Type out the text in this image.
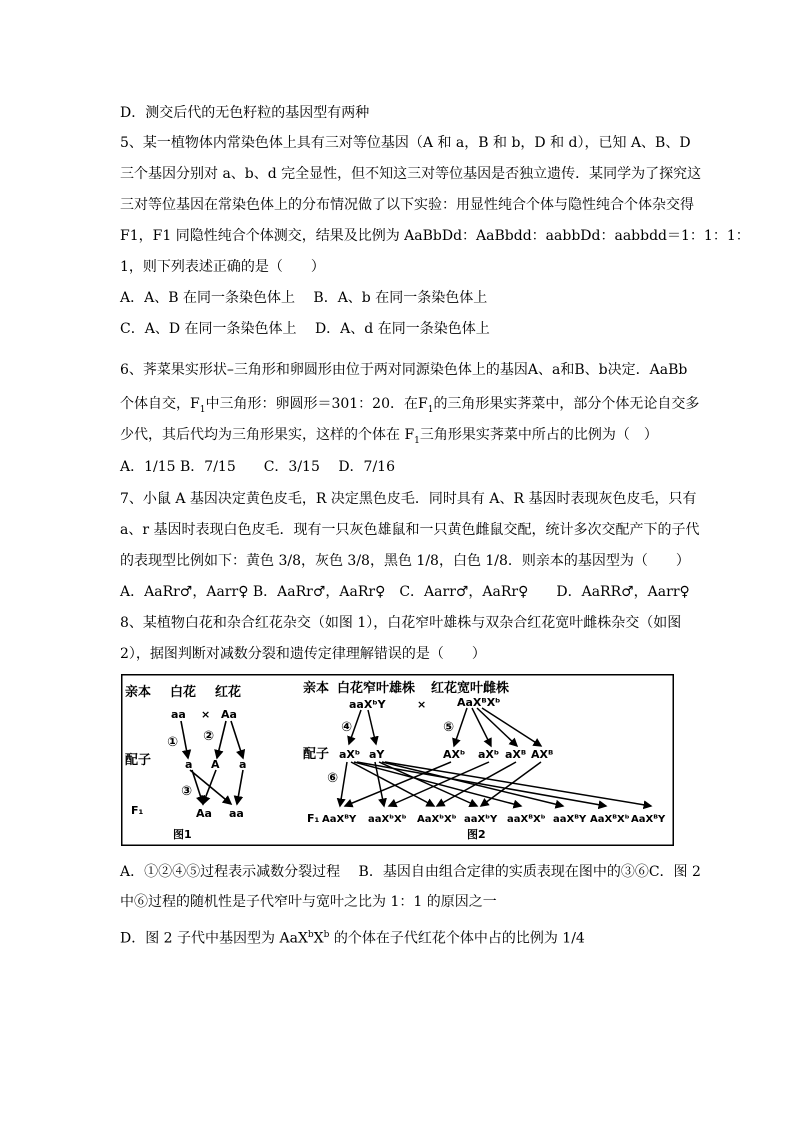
D．测交后代的无色籽粒的基因型有两种
5、某一植物体内常染色体上具有三对等位基因（A 和 a，B 和 b，D 和 d），已知 A、B、D
三个基因分别对 a、b、d 完全显性，但不知这三对等位基因是否独立遗传．某同学为了探究这
三对等位基因在常染色体上的分布情况做了以下实验：用显性纯合个体与隐性纯合个体杂交得
F1，F1 同隐性纯合个体测交，结果及比例为 AaBbDd：AaBbdd：aabbDd：aabbdd＝1：1：1：
1，则下列表述正确的是（　　）
A．A、B 在同一条染色体上　 B．A、b 在同一条染色体上
C．A、D 在同一条染色体上　 D．A、d 在同一条染色体上
6、荠菜果实形状–三角形和卵圆形由位于两对同源染色体上的基因A、a和B、b决定．AaBb
个体自交，$F_1$中三角形：卵圆形＝301：20．在$F_1$的三角形果实荠菜中，部分个体无论自交多
少代，其后代均为三角形果实，这样的个体在 $F_1$三角形果实荠菜中所占的比例为（　）
A．1/15 B．7/15　　C．3/15　 D．7/16
7、小鼠 A 基因决定黄色皮毛，R 决定黑色皮毛．同时具有 A、R 基因时表现灰色皮毛，只有
a、r 基因时表现白色皮毛．现有一只灰色雄鼠和一只黄色雌鼠交配，统计多次交配产下的子代
的表现型比例如下：黄色 3/8，灰色 3/8，黑色 1/8，白色 1/8．则亲本的基因型为（　　）
A．AaRr♂，Aarr♀ B．AaRr♂，AaRr♀　C．Aarr♂，AaRr♀　　D．AaRR♂，Aarr♀
8、某植物白花和杂合红花杂交（如图 1），白花窄叶雄株与双杂合红花宽叶雌株杂交（如图
2），据图判断对减数分裂和遗传定律理解错误的是（　　）
亲本 白花 红花
aa × Aa
① ②
配子	a A a
③
F₁	Aa aa
图1
亲本 白花窄叶雄株 红花宽叶雌株
aaXᵇY	×	AaXᴮXᵇ
④	⑤
配子 aXᵇ aY	AXᵇ aXᵇ aXᴮ AXᴮ
⑥
F₁ AaXᴮY aaXᵇXᵇ AaXᵇXᵇ aaXᵇY aaXᴮXᵇ aaXᴮY AaXᴮXᵇ AaXᴮY
图2
A．①②④⑤过程表示减数分裂过程　 B．基因自由组合定律的实质表现在图中的③⑥C．图 2
中⑥过程的随机性是子代窄叶与宽叶之比为 1：1 的原因之一
D．图 2 子代中基因型为 $AaX^bX^b$ 的个体在子代红花个体中占的比例为 1/4
